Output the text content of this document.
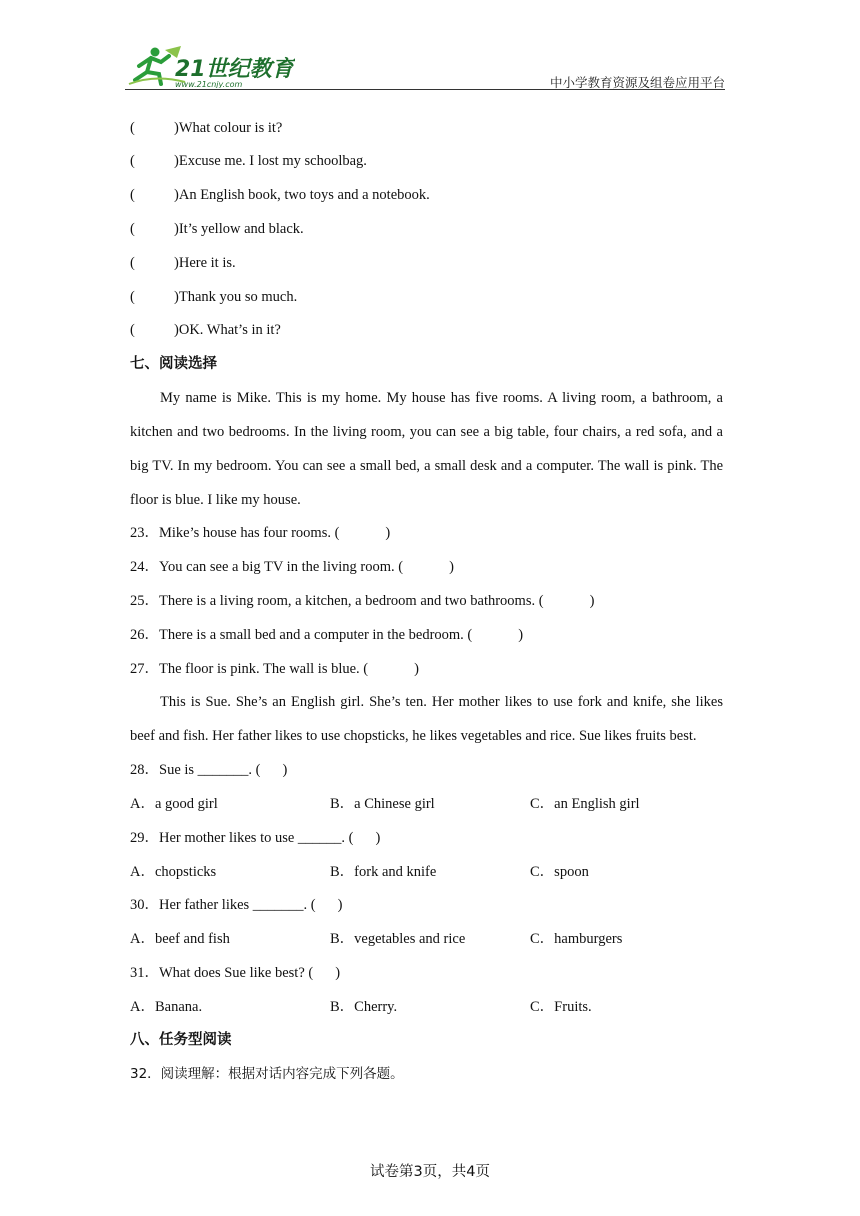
21世纪教育
www.21cnjy.com	中小学教育资源及组卷应用平台
(	)What colour is it?
(	)Excuse me. I lost my schoolbag.
(	)An English book, two toys and a notebook.
(	)It’s yellow and black.
(	)Here it is.
(	)Thank you so much.
(	)OK. What’s in it?
七、阅读选择
My name is Mike. This is my home. My house has five rooms. A living room, a bathroom, a kitchen and two bedrooms. In the living room, you can see a big table, four chairs, a red sofa, and a big TV. In my bedroom. You can see a small bed, a small desk and a computer. The wall is pink. The floor is blue. I like my house.
23．Mike’s house has four rooms. (	)
24．You can see a big TV in the living room. (	)
25．There is a living room, a kitchen, a bedroom and two bathrooms. (	)
26．There is a small bed and a computer in the bedroom. (	)
27．The floor is pink. The wall is blue. (	)
This is Sue. She’s an English girl. She’s ten. Her mother likes to use fork and knife, she likes beef and fish. Her father likes to use chopsticks, he likes vegetables and rice. Sue likes fruits best.
28．Sue is _______. ( )
A．a good girl	B．a Chinese girl	C．an English girl
29．Her mother likes to use ______. ( )
A．chopsticks	B．fork and knife	C．spoon
30．Her father likes _______. ( )
A．beef and fish	B．vegetables and rice	C．hamburgers
31．What does Sue like best? ( )
A．Banana.	B．Cherry.	C．Fruits.
八、任务型阅读
32．阅读理解：根据对话内容完成下列各题。
试卷第3页，共4页
